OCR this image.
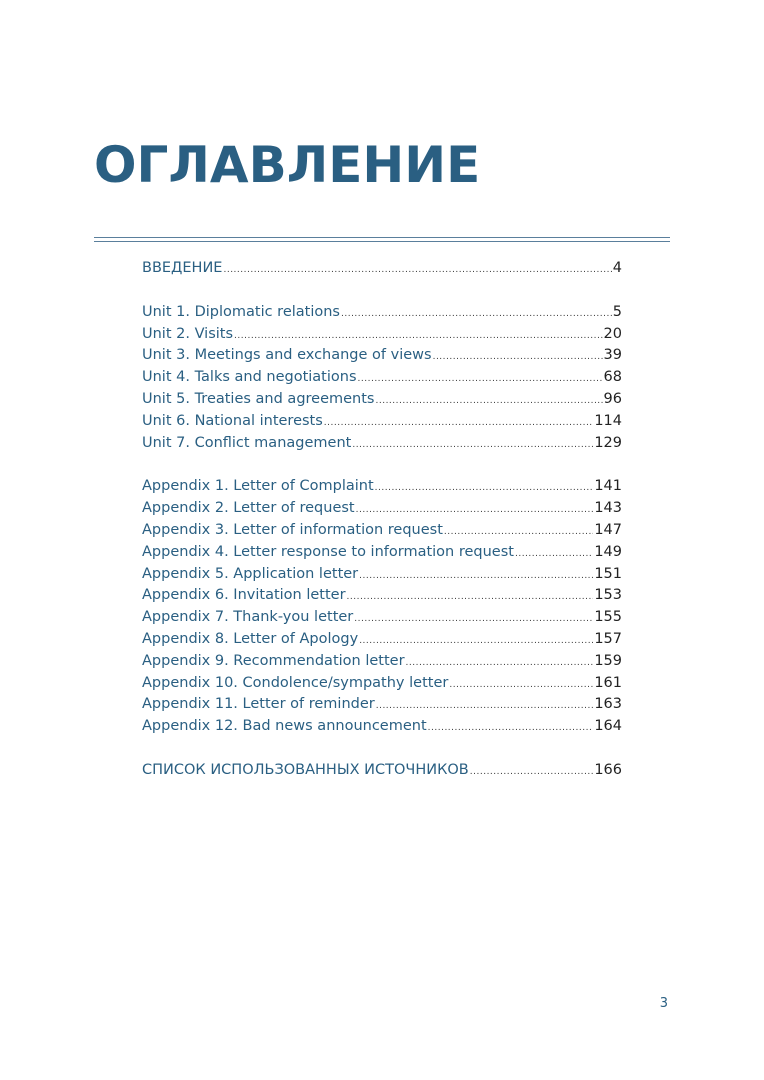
ОГЛАВЛЕНИЕ
ВВЕДЕНИЕ .....	4
Unit 1. Diplomatic relations .....	5
Unit 2. Visits .....	20
Unit 3. Meetings and exchange of views .....	39
Unit 4. Talks and negotiations .....	68
Unit 5. Treaties and agreements .....	96
Unit 6. National interests .....	114
Unit 7. Conflict management .....	129
Appendix 1. Letter of Complaint .....	141
Appendix 2. Letter of request .....	143
Appendix 3. Letter of information request .....	147
Appendix 4. Letter response to information request .....	149
Appendix 5. Application letter .....	151
Appendix 6. Invitation letter .....	153
Appendix 7. Thank-you letter .....	155
Appendix 8. Letter of Apology .....	157
Appendix 9. Recommendation letter .....	159
Appendix 10. Condolence/sympathy letter .....	161
Appendix 11. Letter of reminder .....	163
Appendix 12. Bad news announcement .....	164
СПИСОК ИСПОЛЬЗОВАННЫХ ИСТОЧНИКОВ .....	166
3
